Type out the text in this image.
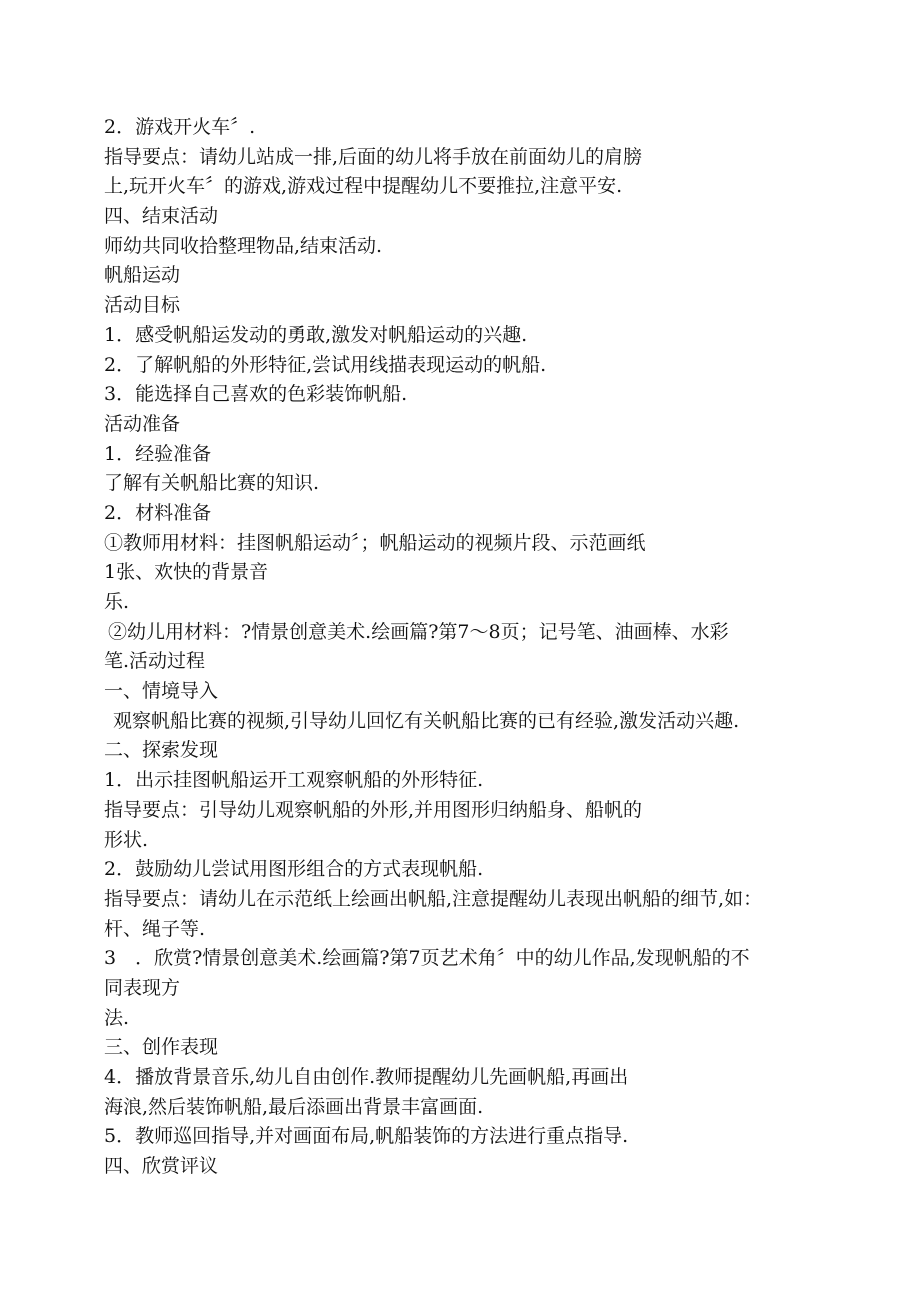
2．游戏开火车〞.
指导要点：请幼儿站成一排,后面的幼儿将手放在前面幼儿的肩膀
上,玩开火车〞的游戏,游戏过程中提醒幼儿不要推拉,注意平安.
四、结束活动
师幼共同收拾整理物品,结束活动.
帆船运动
活动目标
1．感受帆船运发动的勇敢,激发对帆船运动的兴趣.
2．了解帆船的外形特征,尝试用线描表现运动的帆船.
3．能选择自己喜欢的色彩装饰帆船.
活动准备
1．经验准备
了解有关帆船比赛的知识.
2．材料准备
①教师用材料：挂图帆船运动〞；帆船运动的视频片段、示范画纸
1张、欢快的背景音
乐.
②幼儿用材料：?情景创意美术.绘画篇?第7〜8页；记号笔、油画棒、水彩
笔.活动过程
一、情境导入
观察帆船比赛的视频,引导幼儿回忆有关帆船比赛的已有经验,激发活动兴趣.
二、探索发现
1．出示挂图帆船运开工观察帆船的外形特征.
指导要点：引导幼儿观察帆船的外形,并用图形归纳船身、船帆的
形状.
2．鼓励幼儿尝试用图形组合的方式表现帆船.
指导要点：请幼儿在示范纸上绘画出帆船,注意提醒幼儿表现出帆船的细节,如：
杆、绳子等.
3　．欣赏?情景创意美术.绘画篇?第7页艺术角〞中的幼儿作品,发现帆船的不
同表现方
法.
三、创作表现
4．播放背景音乐,幼儿自由创作.教师提醒幼儿先画帆船,再画出
海浪,然后装饰帆船,最后添画出背景丰富画面.
5．教师巡回指导,并对画面布局,帆船装饰的方法进行重点指导.
四、欣赏评议
